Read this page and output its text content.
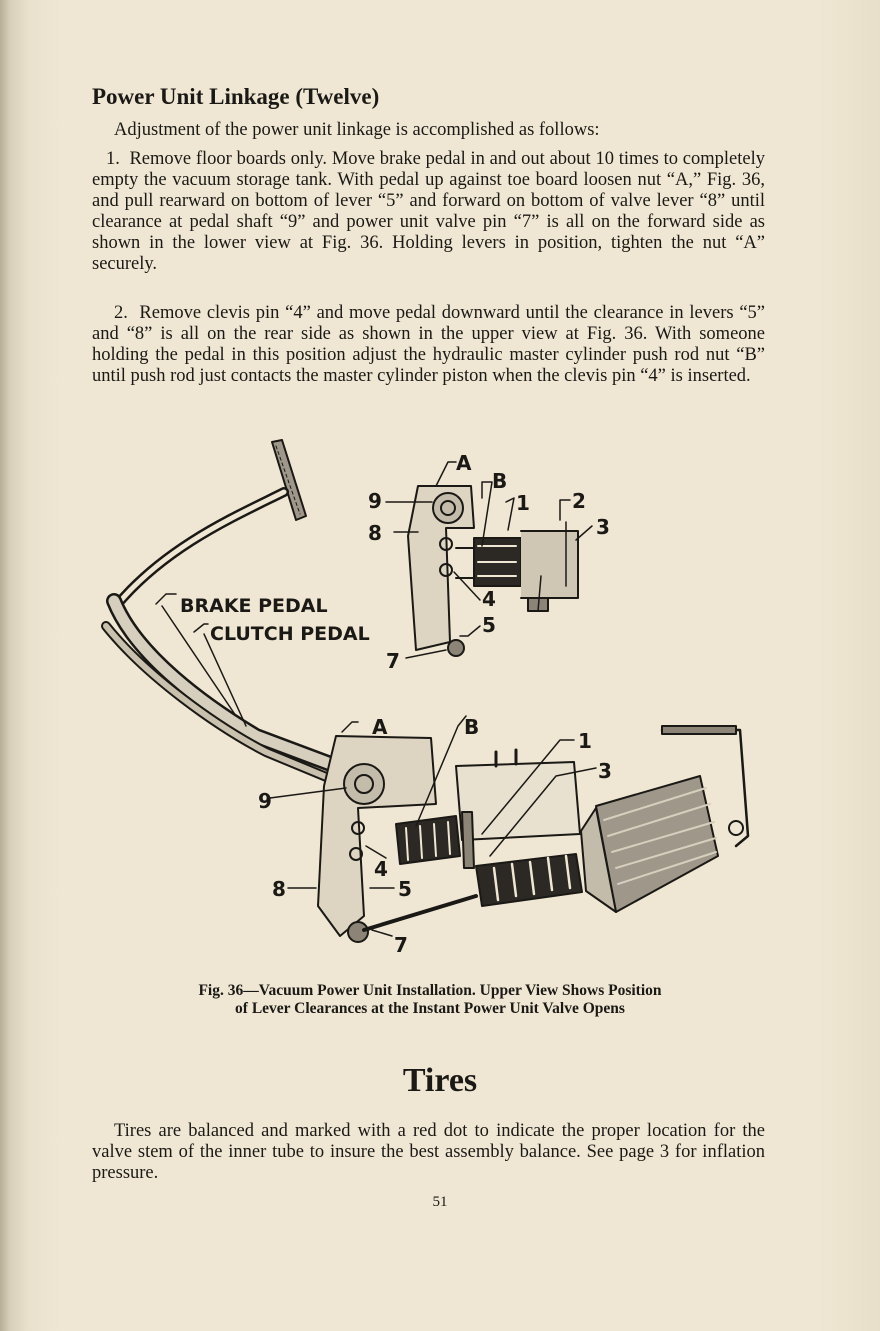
Power Unit Linkage (Twelve)

Adjustment of the power unit linkage is accomplished as follows:

1.  Remove floor boards only. Move brake pedal in and out about 10 times to completely empty the vacuum storage tank. With pedal up against toe board loosen nut “A,” Fig. 36, and pull rearward on bottom of lever “5” and forward on bottom of valve lever “8” until clearance at pedal shaft “9” and power unit valve pin “7” is all on the forward side as shown in the lower view at Fig. 36. Holding levers in position, tighten the nut “A” securely.

2.  Remove clevis pin “4” and move pedal downward until the clearance in levers “5” and “8” is all on the rear side as shown in the upper view at Fig. 36. With someone holding the pedal in this position adjust the hydraulic master cylinder push rod nut “B” until push rod just contacts the master cylinder piston when the clevis pin “4” is inserted.

BRAKE PEDAL
CLUTCH PEDAL
A
B
1 2
3
9
8
4
5
7
A	B
1
3
9
4
8	5
7

Fig. 36—Vacuum Power Unit Installation. Upper View Shows Position
of Lever Clearances at the Instant Power Unit Valve Opens

Tires

Tires are balanced and marked with a red dot to indicate the proper location for the valve stem of the inner tube to insure the best assembly balance. See page 3 for inflation pressure.

51
